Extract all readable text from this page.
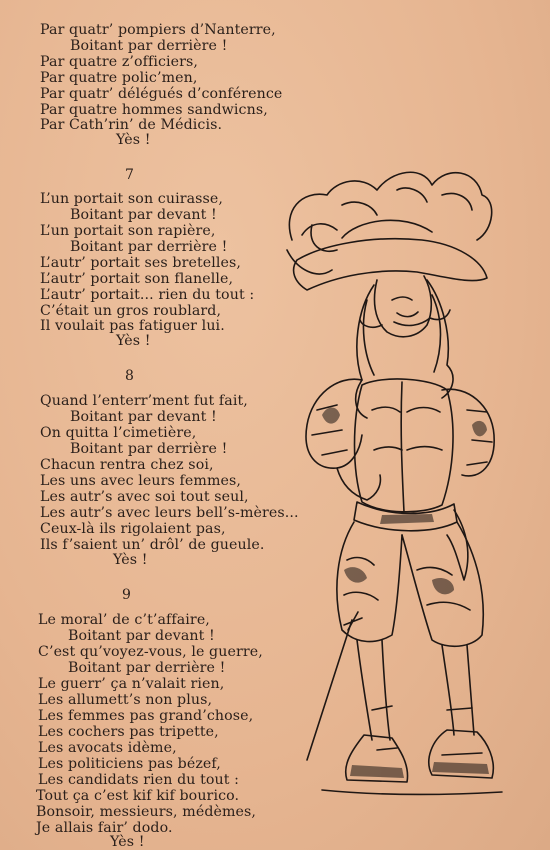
Par quatr’ pompiers d’Nanterre,
Boitant par derrière !
Par quatre z’officiers,
Par quatre polic’men,
Par quatr’ délégués d’conférence
Par quatre hommes sandwicns,
Par Cath’rin’ de Médicis.
Yès !
7
L’un portait son cuirasse,
Boitant par devant !
L’un portait son rapière,
Boitant par derrière !
L’autr’ portait ses bretelles,
L’autr’ portait son flanelle,
L’autr’ portait... rien du tout :
C’était un gros roublard,
Il voulait pas fatiguer lui.
Yès !
8
Quand l’enterr’ment fut fait,
Boitant par devant !
On quitta l’cimetière,
Boitant par derrière !
Chacun rentra chez soi,
Les uns avec leurs femmes,
Les autr’s avec soi tout seul,
Les autr’s avec leurs bell’s-mères...
Ceux-là ils rigolaient pas,
Ils f’saient un’ drôl’ de gueule.
Yès !
9
Le moral’ de c’t’affaire,
Boitant par devant !
C’est qu’voyez-vous, le guerre,
Boitant par derrière !
Le guerr’ ça n’valait rien,
Les allumett’s non plus,
Les femmes pas grand’chose,
Les cochers pas tripette,
Les avocats idème,
Les politiciens pas bézef,
Les candidats rien du tout :
Tout ça c’est kif kif bourico.
Bonsoir, messieurs, médèmes,
Je allais fair’ dodo.
Yès !
